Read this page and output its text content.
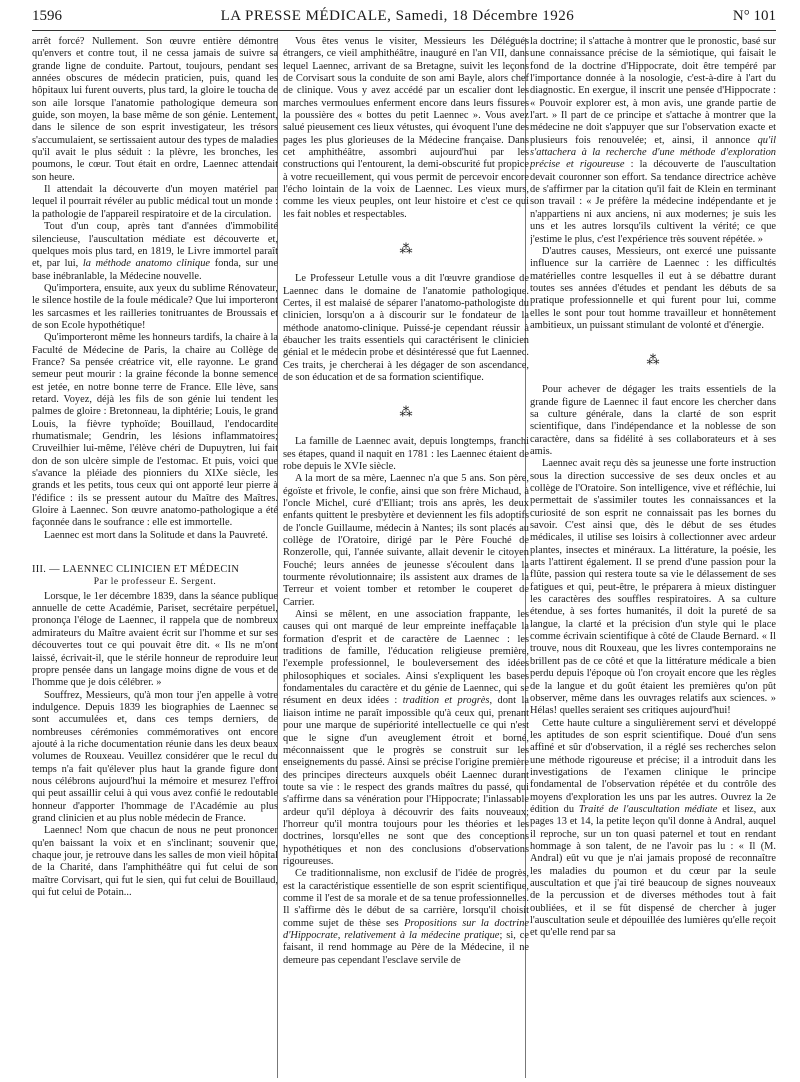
1596	LA PRESSE MÉDICALE, Samedi, 18 Décembre 1926	N° 101

arrêt forcé? Nullement. Son œuvre entière démontre qu'envers et contre tout, il ne cessa jamais de suivre sa grande ligne de conduite. Partout, toujours, pendant ses années obscures de médecin praticien, puis, quand les hôpitaux lui furent ouverts, plus tard, la gloire le toucha de son aile lorsque l'anatomie pathologique demeura son guide, son moyen, la base même de son génie. Lentement, dans le silence de son esprit investigateur, les trésors s'accumulaient, se sertissaient autour des types de maladies qu'il avait le plus séduit : la plèvre, les bronches, les poumons, le cœur. Tout était en ordre, Laennec attendait son heure.

Il attendait la découverte d'un moyen matériel par lequel il pourrait révéler au public médical tout un monde : la pathologie de l'appareil respiratoire et de la circulation.

Tout d'un coup, après tant d'années d'immobilité silencieuse, l'auscultation médiate est découverte et, quelques mois plus tard, en 1819, le Livre immortel paraît et, par lui, la méthode anatomo clinique fonda, sur une base inébranlable, la Médecine nouvelle.

Qu'importera, ensuite, aux yeux du sublime Rénovateur, le silence hostile de la foule médicale? Que lui importeront les sarcasmes et les railleries tonitruantes de Broussais et de son Ecole hypothétique!

Qu'importeront même les honneurs tardifs, la chaire à la Faculté de Médecine de Paris, la chaire au Collège de France? Sa pensée créatrice vit, elle rayonne. Le grand semeur peut mourir : la graine féconde la bonne semence est jetée, en notre bonne terre de France. Elle lève, sans retard. Voyez, déjà les fils de son génie lui tendent les palmes de gloire : Bretonneau, la diphtérie; Louis, le grand Louis, la fièvre typhoïde; Bouillaud, l'endocardite rhumatismale; Gendrin, les lésions inflammatoires; Cruveilhier lui-même, l'élève chéri de Dupuytren, lui fait don de son ulcère simple de l'estomac. Et puis, voici que s'avance la pléiade des pionniers du XIXe siècle, les grands et les petits, tous ceux qui ont apporté leur pierre à l'édifice : ils se pressent autour du Maître des Maîtres. Gloire à Laennec. Son œuvre anatomo-pathologique a été façonnée dans le soufrance : elle est immortelle.

Laennec est mort dans la Solitude et dans la Pauvreté.

III. — LAENNEC CLINICIEN ET MÉDECIN

Par le professeur E. Sergent.

Lorsque, le 1er décembre 1839, dans la séance publique annuelle de cette Académie, Pariset, secrétaire perpétuel, prononça l'éloge de Laennec, il rappela que de nombreux admirateurs du Maître avaient écrit sur l'homme et sur ses découvertes tout ce qui pouvait être dit. « Ils ne m'ont laissé, écrivait-il, que le stérile honneur de reproduire leur propre pensée dans un langage moins digne de vous et de l'homme que je dois célébrer. »

Souffrez, Messieurs, qu'à mon tour j'en appelle à votre indulgence. Depuis 1839 les biographies de Laennec se sont accumulées et, dans ces temps derniers, de nombreuses cérémonies commémoratives ont encore ajouté à la riche documentation réunie dans les deux beaux volumes de Rouxeau. Veuillez considérer que le recul du temps n'a fait qu'élever plus haut la grande figure dont nous célébrons aujourd'hui la mémoire et mesurez l'effroi qui peut assaillir celui à qui vous avez confié le redoutable honneur d'apporter l'hommage de l'Académie au plus grand clinicien et au plus noble médecin de France.

Laennec! Nom que chacun de nous ne peut prononcer qu'en baissant la voix et en s'inclinant; souvenir que, chaque jour, je retrouve dans les salles de mon vieil hôpital de la Charité, dans l'amphithéâtre qui fut celui de son maître Corvisart, qui fut le sien, qui fut celui de Bouillaud, qui fut celui de Potain...

Vous êtes venus le visiter, Messieurs les Délégués étrangers, ce vieil amphithéâtre, inauguré en l'an VII, dans lequel Laennec, arrivant de sa Bretagne, suivit les leçons de Corvisart sous la conduite de son ami Bayle, alors chef de clinique. Vous y avez accédé par un escalier dont les marches vermoulues enferment encore dans leurs fissures la poussière des « bottes du petit Laennec ». Vous avez salué pieusement ces lieux vétustes, qui évoquent l'une des pages les plus glorieuses de la Médecine française. Dans cet amphithéâtre, assombri aujourd'hui par les constructions qui l'entourent, la demi-obscurité fut propice à votre recueillement, qui vous permit de percevoir encore l'écho lointain de la voix de Laennec. Les vieux murs, comme les vieux peuples, ont leur histoire et c'est ce qui les fait nobles et respectables.

⁂

Le Professeur Letulle vous a dit l'œuvre grandiose de Laennec dans le domaine de l'anatomie pathologique. Certes, il est malaisé de séparer l'anatomo-pathologiste du clinicien, lorsqu'on a à discourir sur le fondateur de la méthode anatomo-clinique. Puissé-je cependant réussir à ébaucher les traits essentiels qui caractérisent le clinicien génial et le médecin probe et désintéressé que fut Laennec. Ces traits, je chercherai à les dégager de son ascendance, de son éducation et de sa formation scientifique.

⁂

La famille de Laennec avait, depuis longtemps, franchi ses étapes, quand il naquit en 1781 : les Laennec étaient de robe depuis le XVIe siècle.

A la mort de sa mère, Laennec n'a que 5 ans. Son père, égoïste et frivole, le confie, ainsi que son frère Michaud, à l'oncle Michel, curé d'Elliant; trois ans après, les deux enfants quittent le presbytère et deviennent les fils adoptifs de l'oncle Guillaume, médecin à Nantes; ils sont placés au collège de l'Oratoire, dirigé par le Père Fouché de Ronzerolle, qui, l'année suivante, allait devenir le citoyen Fouché; leurs années de jeunesse s'écoulent dans la tourmente révolutionnaire; ils assistent aux drames de la Terreur et voient tomber et retomber le couperet de Carrier.

Ainsi se mêlent, en une association frappante, les causes qui ont marqué de leur empreinte ineffaçable la formation d'esprit et de caractère de Laennec : les traditions de famille, l'éducation religieuse première, l'exemple professionnel, le bouleversement des idées philosophiques et sociales. Ainsi s'expliquent les bases fondamentales du caractère et du génie de Laennec, qui se résument en deux idées : tradition et progrès, dont la liaison intime ne paraît impossible qu'à ceux qui, prenant pour une marque de supériorité intellectuelle ce qui n'est que le signe d'un aveuglement étroit et borné, méconnaissent que le progrès se construit sur les enseignements du passé. Ainsi se précise l'origine première des principes directeurs auxquels obéit Laennec durant toute sa vie : le respect des grands maîtres du passé, qui s'affirme dans sa vénération pour l'Hippocrate; l'inlassable ardeur qu'il déploya à découvrir des faits nouveaux; l'horreur qu'il montra toujours pour les théories et les doctrines, lorsqu'elles ne sont que des conceptions hypothétiques et non des conclusions d'observations rigoureuses.

Ce traditionnalisme, non exclusif de l'idée de progrès, est la caractéristique essentielle de son esprit scientifique, comme il l'est de sa morale et de sa tenue professionnelles. Il s'affirme dès le début de sa carrière, lorsqu'il choisit comme sujet de thèse ses Propositions sur la doctrine d'Hippocrate, relativement à la médecine pratique; si, ce faisant, il rend hommage au Père de la Médecine, il ne demeure pas cependant l'esclave servile de

la doctrine; il s'attache à montrer que le pronostic, basé sur une connaissance précise de la sémiotique, qui faisait le fond de la doctrine d'Hippocrate, doit être tempéré par l'importance donnée à la nosologie, c'est-à-dire à l'art du diagnostic. En exergue, il inscrit une pensée d'Hippocrate : « Pouvoir explorer est, à mon avis, une grande partie de l'art. » Il part de ce principe et s'attache à montrer que la médecine ne doit s'appuyer que sur l'observation exacte et plusieurs fois renouvelée; et, ainsi, il annonce qu'il s'attachera à la recherche d'une méthode d'exploration précise et rigoureuse : la découverte de l'auscultation devait couronner son effort. Sa tendance directrice achève de s'affirmer par la citation qu'il fait de Klein en terminant son travail : « Je préfère la médecine indépendante et je n'appartiens ni aux anciens, ni aux modernes; je suis les uns et les autres lorsqu'ils cultivent la vérité; ce que j'estime le plus, c'est l'expérience très souvent répétée. »

D'autres causes, Messieurs, ont exercé une puissante influence sur la carrière de Laennec : les difficultés matérielles contre lesquelles il eut à se débattre durant toutes ses années d'études et pendant les débuts de sa pratique professionnelle et qui furent pour lui, comme elles le sont pour tout homme travailleur et honnêtement ambitieux, un puissant stimulant de volonté et d'énergie.

⁂

Pour achever de dégager les traits essentiels de la grande figure de Laennec il faut encore les chercher dans sa culture générale, dans la clarté de son esprit scientifique, dans l'indépendance et la noblesse de son caractère, dans sa fidélité à ses collaborateurs et à ses amis.

Laennec avait reçu dès sa jeunesse une forte instruction sous la direction successive de ses deux oncles et au collège de l'Oratoire. Son intelligence, vive et réfléchie, lui permettait de s'assimiler toutes les connaissances et la curiosité de son esprit ne connaissait pas les bornes du savoir. C'est ainsi que, dès le début de ses études médicales, il utilise ses loisirs à collectionner avec ardeur plantes, insectes et minéraux. La littérature, la poésie, les arts l'attirent également. Il se prend d'une passion pour la flûte, passion qui restera toute sa vie le délassement de ses fatigues et qui, peut-être, le préparera à mieux distinguer les caractères des souffles respiratoires. A sa culture étendue, à ses fortes humanités, il doit la pureté de sa langue, la clarté et la précision d'un style qui le place comme écrivain scientifique à côté de Claude Bernard. « Il trouve, nous dit Rouxeau, que les livres contemporains ne brillent pas de ce côté et que la littérature médicale a bien perdu depuis l'époque où l'on croyait encore que les règles de la langue et du goût étaient les premières qu'on pût observer, même dans les ouvrages relatifs aux sciences. » Hélas! quelles seraient ses critiques aujourd'hui!

Cette haute culture a singulièrement servi et développé les aptitudes de son esprit scientifique. Doué d'un sens affiné et sûr d'observation, il a réglé ses recherches selon une méthode rigoureuse et précise; il a introduit dans les investigations de l'examen clinique le principe fondamental de l'observation répétée et du contrôle des moyens d'exploration les uns par les autres. Ouvrez la 2e édition du Traité de l'auscultation médiate et lisez, aux pages 13 et 14, la petite leçon qu'il donne à Andral, auquel il reproche, sur un ton quasi paternel et tout en rendant hommage à son talent, de ne l'avoir pas lu : « Il (M. Andral) eût vu que je n'ai jamais proposé de reconnaître les maladies du poumon et du cœur par la seule auscultation et que j'ai tiré beaucoup de signes nouveaux de la percussion et de diverses méthodes tout à fait oubliées, et il se fût dispensé de chercher à juger l'auscultation seule et dépouillée des lumières qu'elle reçoit et qu'elle rend par sa
